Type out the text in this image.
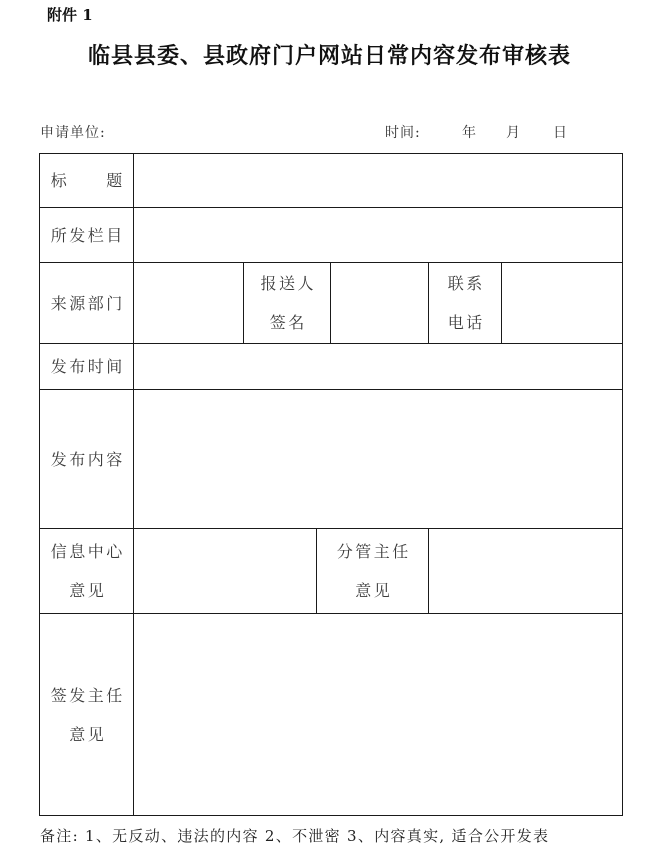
附件 1
临县县委、县政府门户网站日常内容发布审核表
申请单位:	时间:	年 月 日
标　　题
所发栏目
来源部门
报送人
签名
联系
电话
发布时间
发布内容
信息中心
意见
分管主任
意见
签发主任
意见
备注: 1、无反动、违法的内容 2、不泄密 3、内容真实, 适合公开发表
